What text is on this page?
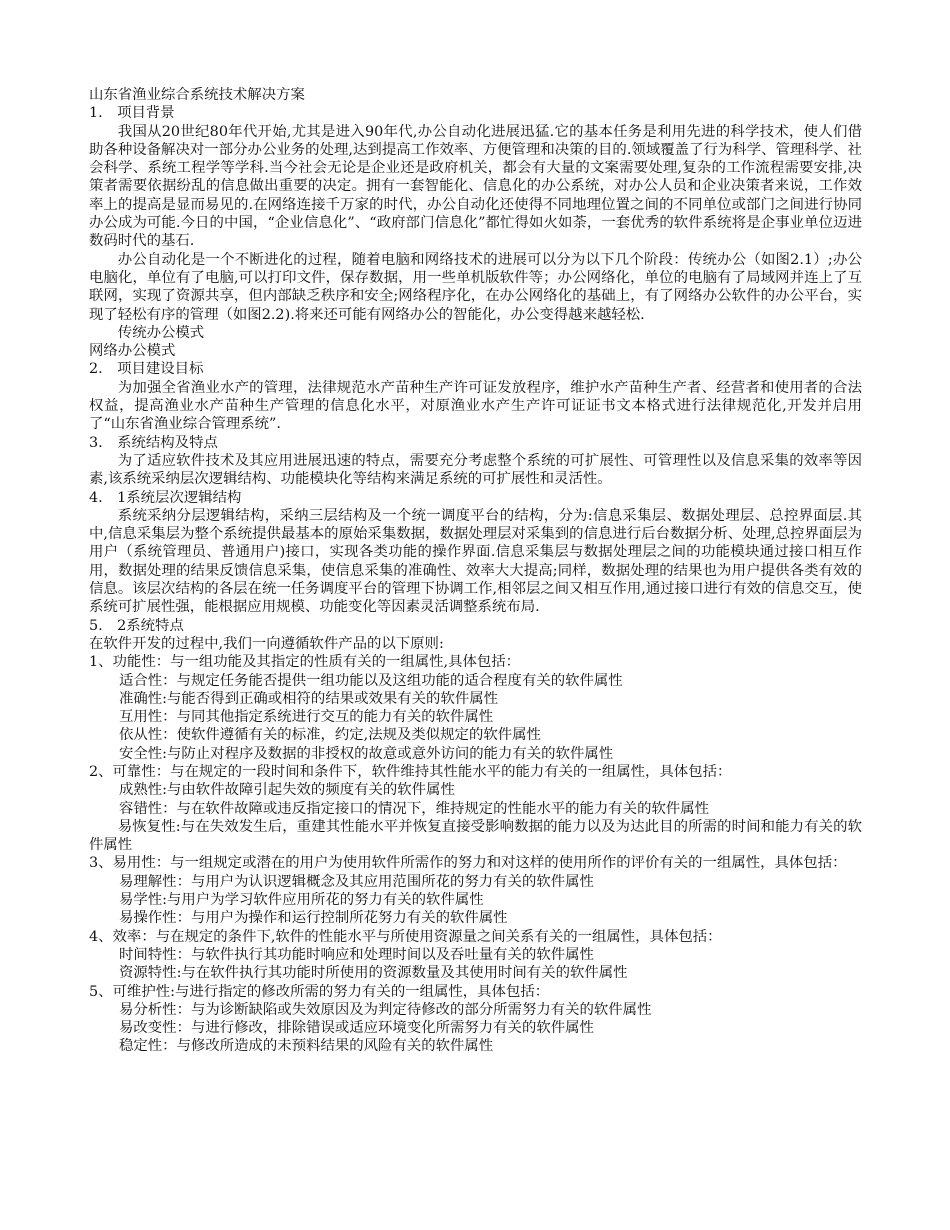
山东省渔业综合系统技术解决方案
1.　项目背景
我国从20世纪80年代开始,尤其是进入90年代,办公自动化进展迅猛.它的基本任务是利用先进的科学技术，使人们借助各种设备解决对一部分办公业务的处理,达到提高工作效率、方便管理和决策的目的.领域覆盖了行为科学、管理科学、社会科学、系统工程学等学科.当今社会无论是企业还是政府机关，都会有大量的文案需要处理,复杂的工作流程需要安排,决策者需要依据纷乱的信息做出重要的决定。拥有一套智能化、信息化的办公系统，对办公人员和企业决策者来说，工作效率上的提高是显而易见的.在网络连接千万家的时代，办公自动化还使得不同地理位置之间的不同单位或部门之间进行协同办公成为可能.今日的中国，“企业信息化”、“政府部门信息化”都忙得如火如荼，一套优秀的软件系统将是企事业单位迈进数码时代的基石.
办公自动化是一个不断进化的过程，随着电脑和网络技术的进展可以分为以下几个阶段：传统办公（如图2.1）;办公电脑化，单位有了电脑,可以打印文件，保存数据，用一些单机版软件等；办公网络化，单位的电脑有了局域网并连上了互联网，实现了资源共享，但内部缺乏秩序和安全;网络程序化，在办公网络化的基础上，有了网络办公软件的办公平台，实现了轻松有序的管理（如图2.2).将来还可能有网络办公的智能化，办公变得越来越轻松.
传统办公模式
网络办公模式
2.　项目建设目标
为加强全省渔业水产的管理，法律规范水产苗种生产许可证发放程序，维护水产苗种生产者、经营者和使用者的合法权益，提高渔业水产苗种生产管理的信息化水平，对原渔业水产生产许可证证书文本格式进行法律规范化,开发并启用了“山东省渔业综合管理系统”.
3.　系统结构及特点
为了适应软件技术及其应用进展迅速的特点，需要充分考虑整个系统的可扩展性、可管理性以及信息采集的效率等因素,该系统采纳层次逻辑结构、功能模块化等结构来满足系统的可扩展性和灵活性。
4.　1系统层次逻辑结构
系统采纳分层逻辑结构，采纳三层结构及一个统一调度平台的结构，分为:信息采集层、数据处理层、总控界面层.其中,信息采集层为整个系统提供最基本的原始采集数据，数据处理层对采集到的信息进行后台数据分析、处理,总控界面层为用户（系统管理员、普通用户)接口，实现各类功能的操作界面.信息采集层与数据处理层之间的功能模块通过接口相互作用，数据处理的结果反馈信息采集，使信息采集的准确性、效率大大提高;同样，数据处理的结果也为用户提供各类有效的信息。该层次结构的各层在统一任务调度平台的管理下协调工作,相邻层之间又相互作用,通过接口进行有效的信息交互，使系统可扩展性强，能根据应用规模、功能变化等因素灵活调整系统布局.
5.　2系统特点
在软件开发的过程中,我们一向遵循软件产品的以下原则:
1、功能性：与一组功能及其指定的性质有关的一组属性,具体包括：
适合性：与规定任务能否提供一组功能以及这组功能的适合程度有关的软件属性
准确性:与能否得到正确或相符的结果或效果有关的软件属性
互用性：与同其他指定系统进行交互的能力有关的软件属性
依从性：使软件遵循有关的标准，约定,法规及类似规定的软件属性
安全性:与防止对程序及数据的非授权的故意或意外访问的能力有关的软件属性
2、可靠性：与在规定的一段时间和条件下，软件维持其性能水平的能力有关的一组属性，具体包括：
成熟性:与由软件故障引起失效的频度有关的软件属性
容错性：与在软件故障或违反指定接口的情况下，维持规定的性能水平的能力有关的软件属性
易恢复性:与在失效发生后，重建其性能水平并恢复直接受影响数据的能力以及为达此目的所需的时间和能力有关的软件属性
3、易用性：与一组规定或潜在的用户为使用软件所需作的努力和对这样的使用所作的评价有关的一组属性，具体包括：
易理解性：与用户为认识逻辑概念及其应用范围所花的努力有关的软件属性
易学性:与用户为学习软件应用所花的努力有关的软件属性
易操作性：与用户为操作和运行控制所花努力有关的软件属性
4、效率：与在规定的条件下,软件的性能水平与所使用资源量之间关系有关的一组属性，具体包括：
时间特性：与软件执行其功能时响应和处理时间以及吞吐量有关的软件属性
资源特性:与在软件执行其功能时所使用的资源数量及其使用时间有关的软件属性
5、可维护性:与进行指定的修改所需的努力有关的一组属性，具体包括：
易分析性：与为诊断缺陷或失效原因及为判定待修改的部分所需努力有关的软件属性
易改变性：与进行修改，排除错误或适应环境变化所需努力有关的软件属性
稳定性：与修改所造成的未预料结果的风险有关的软件属性
